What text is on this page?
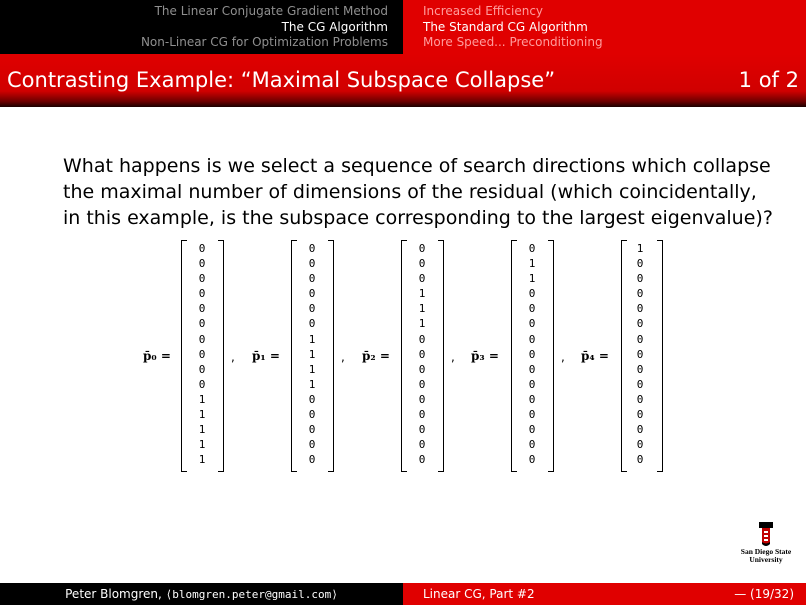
The Linear Conjugate Gradient Method
The CG Algorithm
Non-Linear CG for Optimization Problems
Increased Efficiency
The Standard CG Algorithm
More Speed... Preconditioning
Contrasting Example: “Maximal Subspace Collapse”	1 of 2
What happens is we select a sequence of search directions which collapse
the maximal number of dimensions of the residual (which coincidentally,
in this example, is the subspace corresponding to the largest eigenvalue)?
p̄₀ =
0
0
0
0
0
0
0
0
0
0
1
1
1
1
1
, p̄₁ =
0
0
0
0
0
0
1
1
1
1
0
0
0
0
0
, p̄₂ =
0
0
0
1
1
1
0
0
0
0
0
0
0
0
0
, p̄₃ =
0
1
1
0
0
0
0
0
0
0
0
0
0
0
0
, p̄₄ =
1
0
0
0
0
0
0
0
0
0
0
0
0
0
0
San Diego State
University
Peter Blomgren, ⟨blomgren.peter@gmail.com⟩	Linear CG, Part #2	— (19/32)
